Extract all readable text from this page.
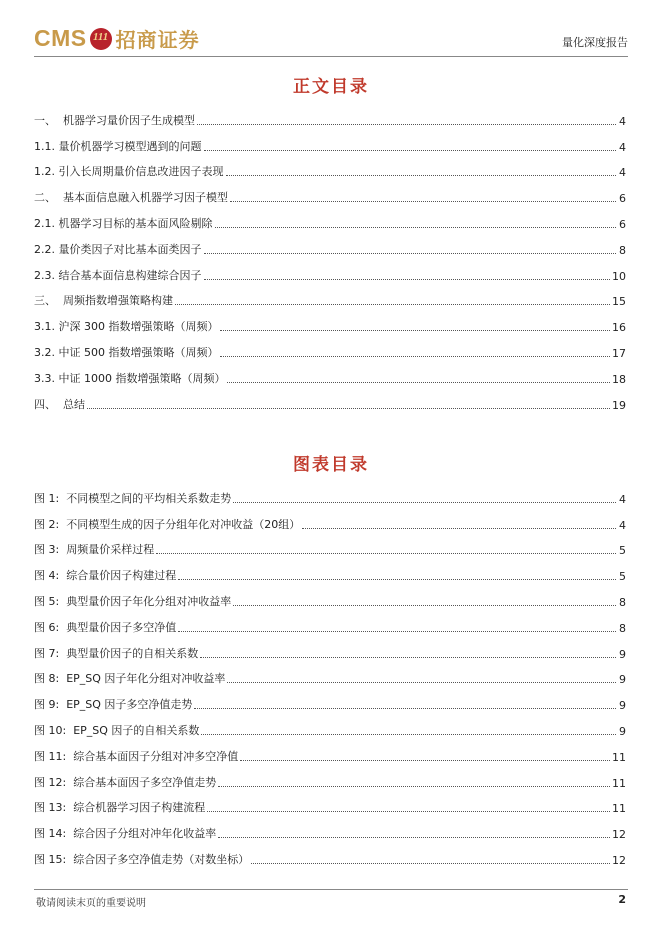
CMS 111 招商证券	量化深度报告
正文目录
一、  机器学习量价因子生成模型	4
1.1. 量价机器学习模型遇到的问题	4
1.2. 引入长周期量价信息改进因子表现	4
二、  基本面信息融入机器学习因子模型	6
2.1. 机器学习目标的基本面风险剔除	6
2.2. 量价类因子对比基本面类因子	8
2.3. 结合基本面信息构建综合因子	10
三、  周频指数增强策略构建	15
3.1. 沪深 300 指数增强策略（周频）	16
3.2. 中证 500 指数增强策略（周频）	17
3.3. 中证 1000 指数增强策略（周频）	18
四、  总结	19
图表目录
图 1:  不同模型之间的平均相关系数走势	4
图 2:  不同模型生成的因子分组年化对冲收益（20组）	4
图 3:  周频量价采样过程	5
图 4:  综合量价因子构建过程	5
图 5:  典型量价因子年化分组对冲收益率	8
图 6:  典型量价因子多空净值	8
图 7:  典型量价因子的自相关系数	9
图 8:  EP_SQ 因子年化分组对冲收益率	9
图 9:  EP_SQ 因子多空净值走势	9
图 10:  EP_SQ 因子的自相关系数	9
图 11:  综合基本面因子分组对冲多空净值	11
图 12:  综合基本面因子多空净值走势	11
图 13:  综合机器学习因子构建流程	11
图 14:  综合因子分组对冲年化收益率	12
图 15:  综合因子多空净值走势（对数坐标）	12
敬请阅读末页的重要说明	2
